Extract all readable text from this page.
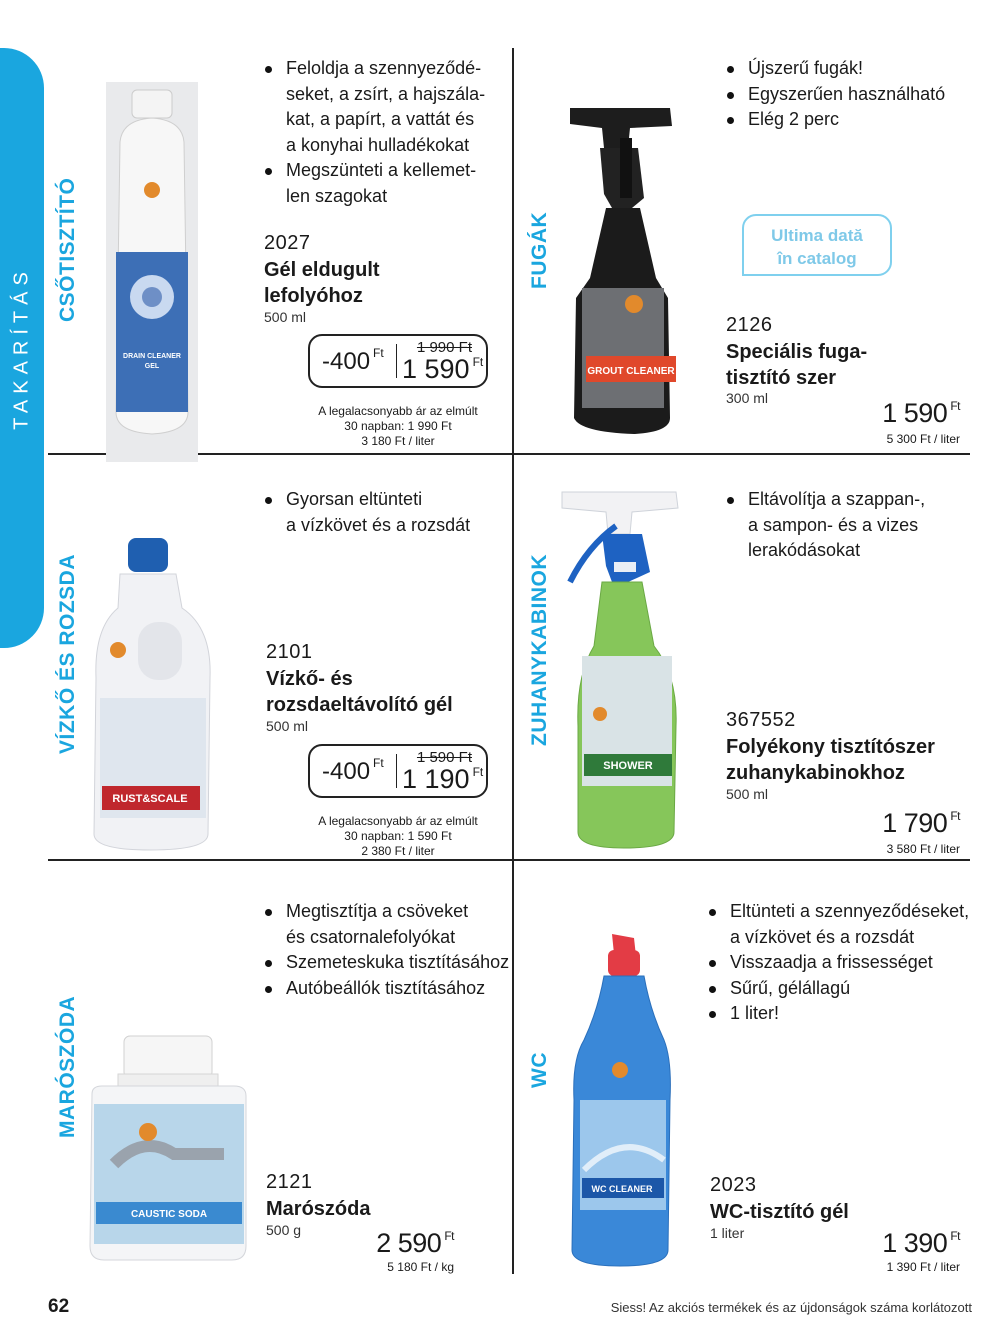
TAKARÍTÁS
CSŐTISZTÍTÓ
DRAIN CLEANER
GEL
Feloldja a szennyeződé-
seket, a zsírt, a hajszála-
kat, a papírt, a vattát és
a konyhai hulladékokat
Megszünteti a kellemet-
len szagokat
2027
Gél eldugult
lefolyóhoz
500 ml
-400 $^{Ft}$ 1 990 Ft
1 590 $^{Ft}$
A legalacsonyabb ár az elmúlt
30 napban: 1 990 Ft
3 180 Ft / liter
FUGÁK
GROUT CLEANER
Újszerű fugák!
Egyszerűen használható
Elég 2 perc
Ultima dată
în catalog
2126
Speciális fuga-
tisztító szer
300 ml	1 590 $^{Ft}$
5 300 Ft / liter
VÍZKŐ ÉS ROZSDA
RUST&SCALE
Gyorsan eltünteti
a vízkövet és a rozsdát
2101
Vízkő- és
rozsdaeltávolító gél
500 ml
-400 $^{Ft}$ 1 590 Ft
1 190 $^{Ft}$
A legalacsonyabb ár az elmúlt
30 napban: 1 590 Ft
2 380 Ft / liter
ZUHANYKABINOK
SHOWER
Eltávolítja a szappan-,
a sampon- és a vizes
lerakódásokat
367552
Folyékony tisztítószer
zuhanykabinokhoz
500 ml
1 790 $^{Ft}$
3 580 Ft / liter
MARÓSZÓDA
CAUSTIC SODA
Megtisztítja a csöveket
és csatornalefolyókat
Szemeteskuka tisztításához
Autóbeállók tisztításához
2121
Marószóda
500 g	2 590 $^{Ft}$
5 180 Ft / kg
WC
WC CLEANER
Eltünteti a szennyeződéseket,
a vízkövet és a rozsdát
Visszaadja a frissességet
Sűrű, gélállagú
1 liter!
2023
WC-tisztító gél
1 liter	1 390 $^{Ft}$
1 390 Ft / liter
62	Siess! Az akciós termékek és az újdonságok száma korlátozott
